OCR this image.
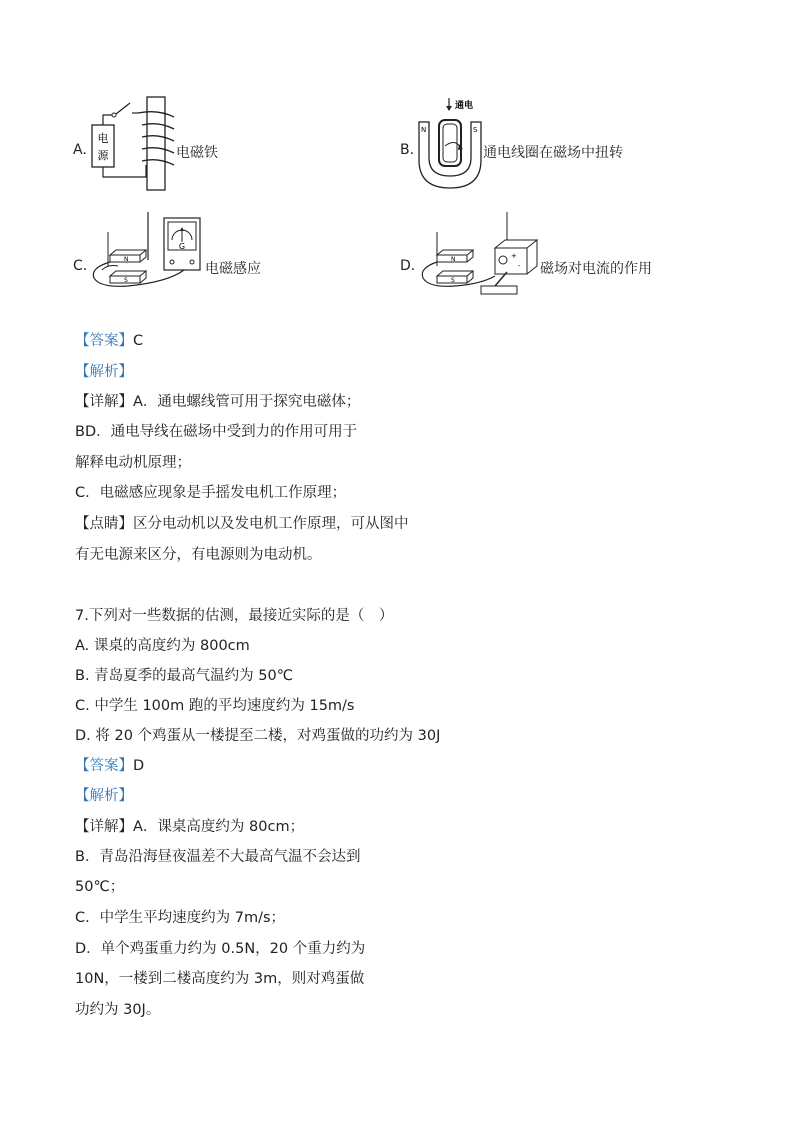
A.
电
源	电磁铁	B.
通电
N	S
通电线圈在磁场中扭转
C.	N
S
G
电磁感应	D.	N
S
+
- 磁场对电流的作用
【答案】C
【解析】
【详解】A．通电螺线管可用于探究电磁体；
BD．通电导线在磁场中受到力的作用可用于
解释电动机原理；
C．电磁感应现象是手摇发电机工作原理；
【点睛】区分电动机以及发电机工作原理，可从图中
有无电源来区分，有电源则为电动机。
7.下列对一些数据的估测，最接近实际的是（　）
A. 课桌的高度约为 800cm
B. 青岛夏季的最高气温约为 50℃
C. 中学生 100m 跑的平均速度约为 15m/s
D. 将 20 个鸡蛋从一楼提至二楼，对鸡蛋做的功约为 30J
【答案】D
【解析】
【详解】A．课桌高度约为 80cm；
B．青岛沿海昼夜温差不大最高气温不会达到
50℃；
C．中学生平均速度约为 7m/s；
D．单个鸡蛋重力约为 0.5N，20 个重力约为
10N，一楼到二楼高度约为 3m，则对鸡蛋做
功约为 30J。
